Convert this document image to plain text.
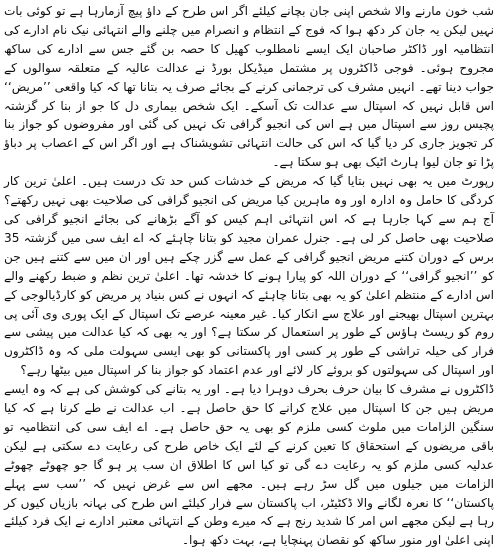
شب خون مارنے والا شخص اپنی جان بچانے کیلئے اگر اس طرح کے داؤ پیچ آزمارہا ہے تو کوئی بات نہیں لیکن یہ جان کر دکھ ہوا کہ فوج کے انتظام و انصرام میں چلنے والے انتہائی نیک نام ادارے کی انتظامیہ اور ڈاکٹر صاحبان ایک ایسے نامطلوب کھیل کا حصہ بن گئے جس سے ادارے کی ساکھ مجروح ہوئی۔ فوجی ڈاکٹروں پر مشتمل میڈیکل بورڈ نے عدالت عالیہ کے متعلقہ سوالوں کے جواب دینا تھے۔ انہیں مشرف کی ترجمانی کرنے کے بجائے صرف یہ بتانا تھا کہ کیا واقعی ’’مریض‘‘ اس قابل نہیں کہ اسپتال سے عدالت تک آسکے۔ ایک شخص بیماری دل کا جو از بنا کر گزشتہ پچیس روز سے اسپتال میں ہے اس کی انجیو گرافی تک نہیں کی گئی اور مفروضوں کو جواز بنا کر تجویز جاری کر دیا گیا کہ اس کی حالت انتہائی تشویشناک ہے اور اگر اس کے اعصاب پر دباؤ پڑا تو جان لیوا ہارٹ اٹیک بھی ہو سکتا ہے۔

رپورٹ میں یہ بھی نہیں بتایا گیا کہ مریض کے خدشات کس حد تک درست ہیں۔ اعلیٰ ترین کار کردگی کا حامل وہ ادارہ اور وہ ماہرین کیا مریض کی انجیو گرافی کی صلاحیت بھی نہیں رکھتے؟ آج ہم سے کہا جارہا ہے کہ اس انتہائی اہم کیس کو آگے بڑھانے کی بجائے انجیو گرافی کی صلاحیت بھی حاصل کر لی ہے۔ جنرل عمران مجید کو بتانا چاہئے کہ اے ایف سی میں گزشتہ 35 برس کے دوران کتنے مریض انجیو گرافی کے عمل سے گزر چکے ہیں اور ان میں سے کتنے ہیں جن کو ’’انجیو گرافی‘‘ کے دوران اللہ کو پیارا ہونے کا خدشہ تھا۔ اعلیٰ ترین نظم و ضبط رکھنے والے اس ادارے کے منتظم اعلیٰ کو یہ بھی بتانا چاہئے کہ انہوں نے کس بنیاد پر مریض کو کارڈیالوجی کے بہترین اسپتال بھیجنے اور علاج سے انکار کیا۔ غیر معینہ عرصے تک اسپتال کے ایک پوری وی آئی پی روم کو ریسٹ ہاؤس کے طور پر استعمال کر سکتا ہے؟ اور یہ بھی کہ کیا عدالت میں پیشی سے فرار کی حیلہ تراشی کے طور پر کسی اور پاکستانی کو بھی ایسی سہولت ملی کہ وہ ڈاکٹروں اور اسپتال کی سہولتوں کو بروئے کار لائے اور عدم اعتماد کو جواز بنا کر اسپتال میں بیٹھا رہے؟

ڈاکٹروں نے مشرف کا بیان حرف بحرف دوہرا دیا ہے۔ اور یہ بتانے کی کوشش کی ہے کہ وہ ایسے مریض ہیں جن کا اسپتال میں علاج کرانے کا حق حاصل ہے۔ اب عدالت نے طے کرنا ہے کہ کیا سنگین الزامات میں ملوث کسی ملزم کو بھی یہ حق حاصل ہے۔ اے ایف سی کی انتظامیہ تو باقی مریضوں کے استحقاق کا تعین کرنے کے لئے ایک خاص طرح کی رعایت دے سکتی ہے لیکن عدلیہ کسی ملزم کو یہ رعایت دے گی تو کیا اس کا اطلاق ان سب پر ہو گا جو چھوٹے چھوٹے الزامات میں جیلوں میں گل سڑ رہے ہیں۔ مجھے اس سے غرض نہیں کہ ’’سب سے پہلے پاکستان‘‘ کا نعرہ لگانے والا ڈکٹیٹر، اب پاکستان سے فرار کیلئے اس طرح کی بہانہ بازیاں کیوں کر رہا ہے لیکن مجھے اس امر کا شدید رنج ہے کہ میرے وطن کے انتہائی معتبر ادارے نے ایک فرد کیلئے اپنی اعلیٰ اور منور ساکھ کو نقصان پہنچایا ہے، بہت دکھ ہوا۔
